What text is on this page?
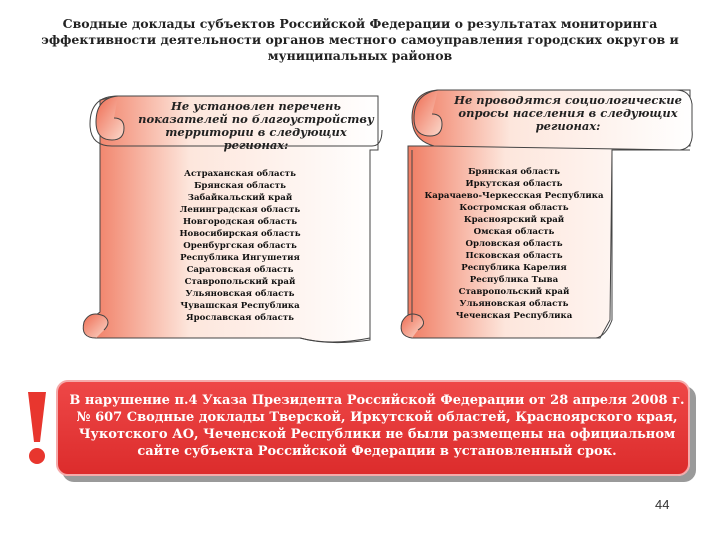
Сводные доклады субъектов Российской Федерации о результатах мониторинга эффективности деятельности органов местного самоуправления городских округов и муниципальных районов
Не установлен перечень показателей по благоустройству территории в следующих регионах:
Астраханская область
Брянская область
Забайкальский край
Ленинградская область
Новгородская область
Новосибирская область
Оренбургская область
Республика Ингушетия
Саратовская область
Ставропольский край
Ульяновская область
Чувашская Республика
Ярославская область
Не проводятся социологические опросы населения в следующих регионах:
Брянская область
Иркутская область
Карачаево-Черкесская Республика
Костромская область
Красноярский край
Омская область
Орловская область
Псковская область
Республика Карелия
Республика Тыва
Ставропольский край
Ульяновская область
Чеченская Республика
В нарушение п.4 Указа Президента Российской Федерации от 28 апреля 2008 г. № 607 Сводные доклады Тверской, Иркутской областей, Красноярского края, Чукотского АО, Чеченской Республики не были размещены на официальном сайте субъекта Российской Федерации в установленный срок.
44
